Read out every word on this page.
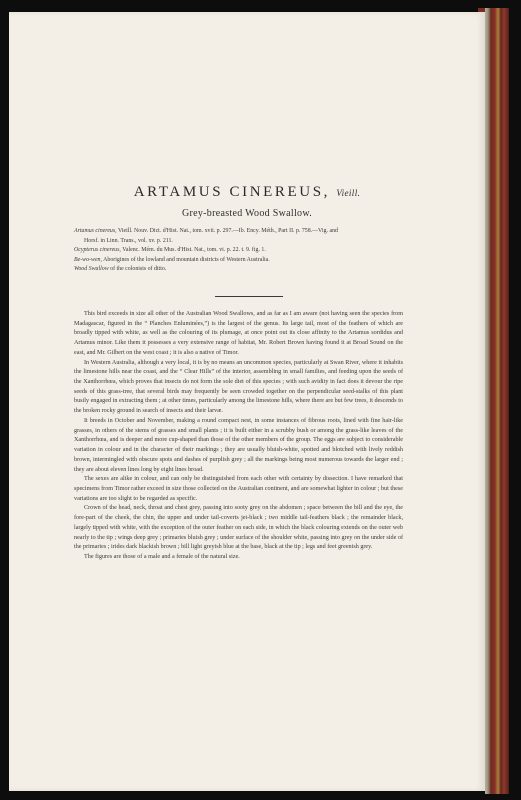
ARTAMUS CINEREUS, Vieill.
Grey-breasted Wood Swallow.
Artamus cinereus, Vieill. Nouv. Dict. d'Hist. Nat., tom. xvii. p. 297.—Ib. Ency. Méth., Part II. p. 758.—Vig. and
Horsf. in Linn. Trans., vol. xv. p. 211.
Ocypterus cinereus, Valenc. Mém. du Mus. d'Hist. Nat., tom. vi. p. 22. t. 9. fig. 1.
Be-wo-wen, Aborigines of the lowland and mountain districts of Western Australia.
Wood Swallow of the colonists of ditto.

This bird exceeds in size all other of the Australian Wood Swallows, and as far as I am aware (not having seen the species from Madagascar, figured in the “ Planches Enluminées,”) is the largest of the genus. Its large tail, most of the feathers of which are broadly tipped with white, as well as the colouring of its plumage, at once point out its close affinity to the Artamus sordidus and Artamus minor. Like them it possesses a very extensive range of habitat, Mr. Robert Brown having found it at Broad Sound on the east, and Mr. Gilbert on the west coast ; it is also a native of Timor.

In Western Australia, although a very local, it is by no means an uncommon species, particularly at Swan River, where it inhabits the limestone hills near the coast, and the “ Clear Hills” of the interior, assembling in small families, and feeding upon the seeds of the Xanthorrhœa, which proves that insects do not form the sole diet of this species ; with such avidity in fact does it devour the ripe seeds of this grass-tree, that several birds may frequently be seen crowded together on the perpendicular seed-stalks of this plant busily engaged in extracting them ; at other times, particularly among the limestone hills, where there are but few trees, it descends to the broken rocky ground in search of insects and their larvæ.

It breeds in October and November, making a round compact nest, in some instances of fibrous roots, lined with fine hair-like grasses, in others of the stems of grasses and small plants ; it is built either in a scrubby bush or among the grass-like leaves of the Xanthorrhœa, and is deeper and more cup-shaped than those of the other members of the group. The eggs are subject to considerable variation in colour and in the character of their markings ; they are usually bluish-white, spotted and blotched with lively reddish brown, intermingled with obscure spots and dashes of purplish grey ; all the markings being most numerous towards the larger end ; they are about eleven lines long by eight lines broad.

The sexes are alike in colour, and can only be distinguished from each other with certainty by dissection. I have remarked that specimens from Timor rather exceed in size those collected on the Australian continent, and are somewhat lighter in colour ; but these variations are too slight to be regarded as specific.

Crown of the head, neck, throat and chest grey, passing into sooty grey on the abdomen ; space between the bill and the eye, the fore-part of the cheek, the chin, the upper and under tail-coverts jet-black ; two middle tail-feathers black ; the remainder black, largely tipped with white, with the exception of the outer feather on each side, in which the black colouring extends on the outer web nearly to the tip ; wings deep grey ; primaries bluish grey ; under surface of the shoulder white, passing into grey on the under side of the primaries ; irides dark blackish brown ; bill light greyish blue at the base, black at the tip ; legs and feet greenish grey.

The figures are those of a male and a female of the natural size.
